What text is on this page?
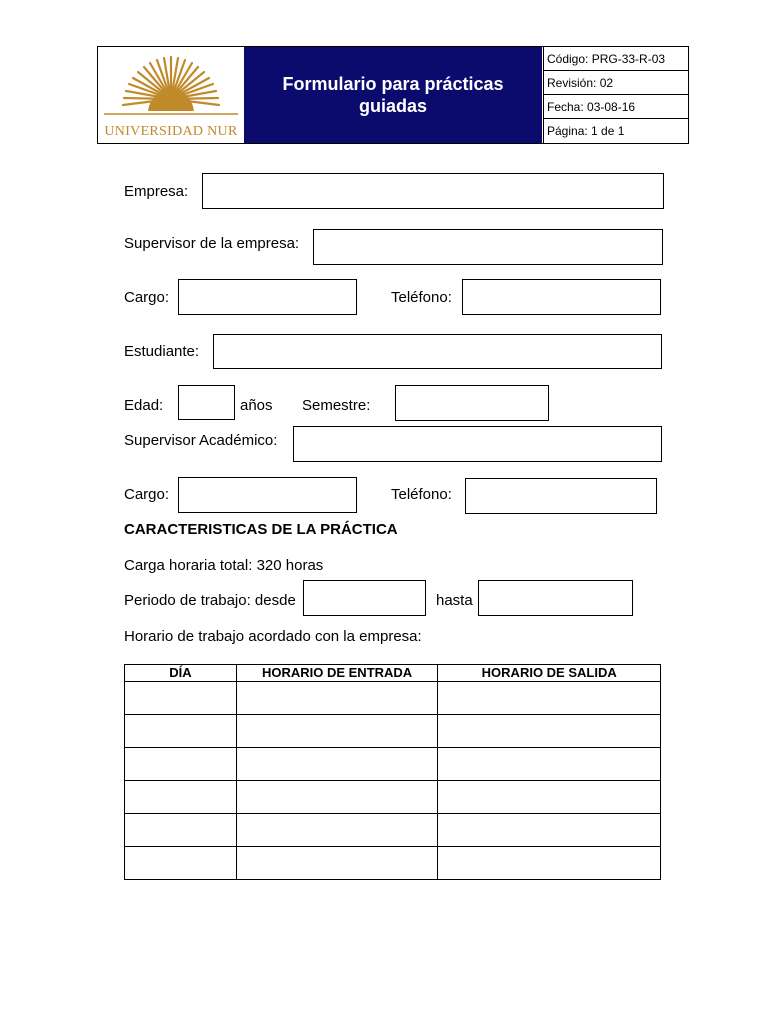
UNIVERSIDAD NUR
Formulario para prácticas guiadas
Código: PRG-33-R-03
Revisión: 02
Fecha: 03-08-16
Página: 1 de 1
Empresa:
Supervisor de la empresa:
Cargo:	Teléfono:
Estudiante:
Edad:	años Semestre:
Supervisor Académico:
Cargo:	Teléfono:
CARACTERISTICAS DE LA PRÁCTICA
Carga horaria total: 320 horas
Periodo de trabajo: desde	hasta
Horario de trabajo acordado con la empresa:
DÍA	HORARIO DE ENTRADA	HORARIO DE SALIDA
